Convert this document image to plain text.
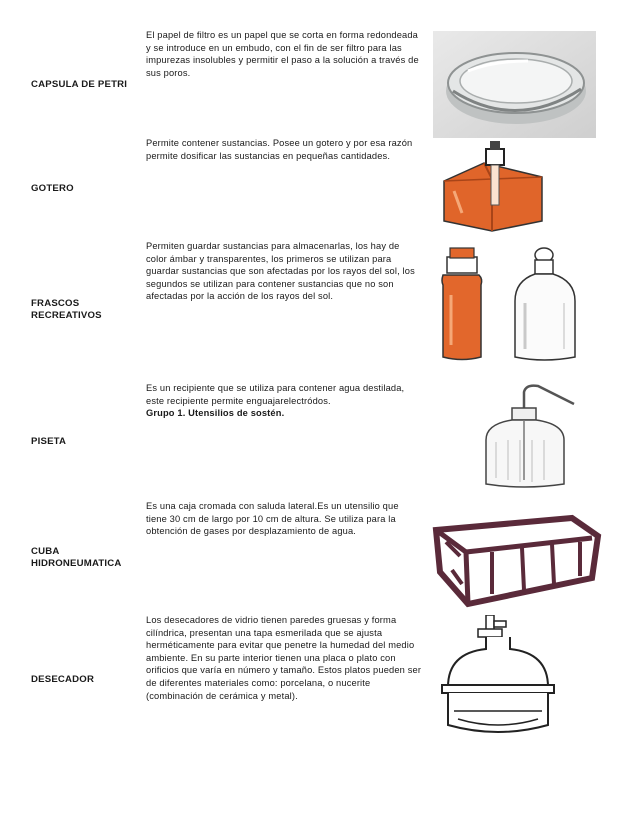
CAPSULA DE PETRI
El papel de filtro es un papel que se corta en forma redondeada y se introduce en un embudo, con el fin de ser filtro para las impurezas insolubles y permitir el paso a la solución a través de sus poros.
GOTERO
Permite contener sustancias. Posee un gotero y por esa razón permite dosificar las sustancias en pequeñas cantidades.
FRASCOS RECREATIVOS
Permiten guardar sustancias para almacenarlas, los hay de color ámbar y transparentes, los primeros se utilizan para guardar sustancias que son afectadas por los rayos del sol, los segundos se utilizan para contener sustancias que no son afectadas por la acción de los rayos del sol.
PISETA
Es un recipiente que se utiliza para contener agua destilada, este recipiente permite enguajarelectródos.
Grupo 1. Utensilios de sostén.
CUBA HIDRONEUMATICA
Es una caja cromada con saluda lateral.Es un utensilio que tiene 30 cm de largo por 10 cm de altura. Se utiliza para la obtención de gases por desplazamiento de agua.
DESECADOR
Los desecadores de vidrio tienen paredes gruesas y forma cilíndrica, presentan una tapa esmerilada que se ajusta herméticamente para evitar que penetre la humedad del medio ambiente. En su parte interior tienen una placa o plato con orificios que varía en número y tamaño. Estos platos pueden ser de diferentes materiales como: porcelana, o nucerite (combinación de cerámica y metal).
